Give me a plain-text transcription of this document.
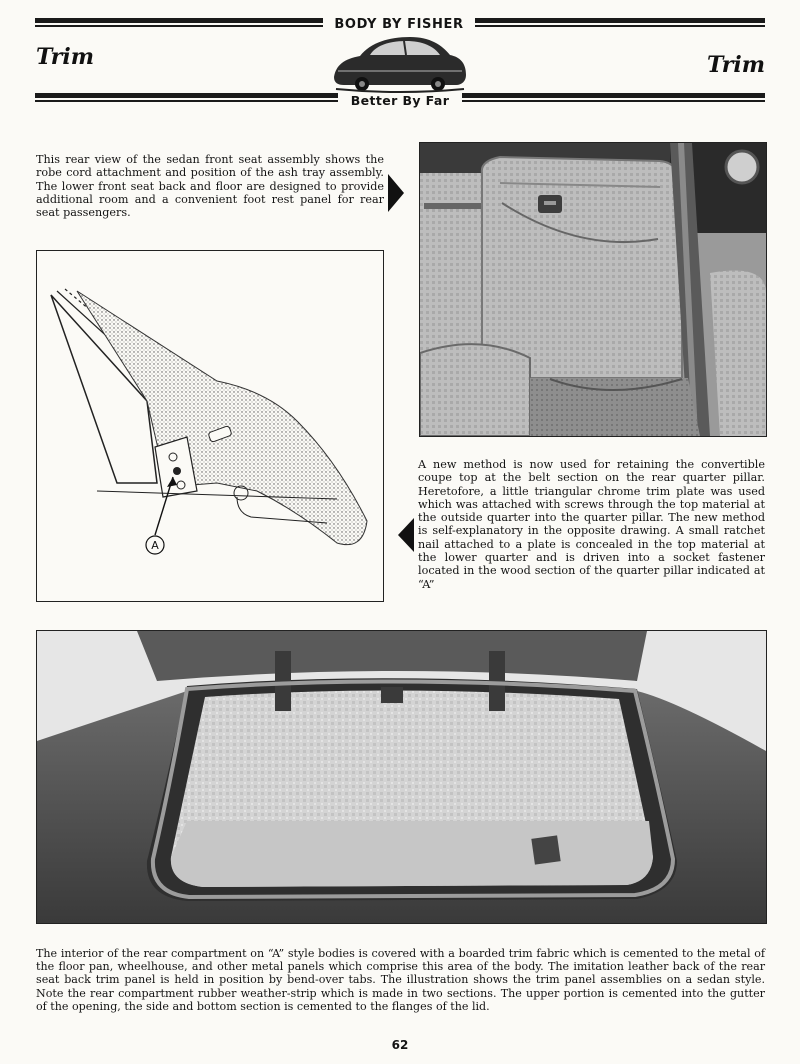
BODY BY FISHER
Trim	Trim
Better By Far
This rear view of the sedan front seat assembly shows the robe cord attachment and position of the ash tray assembly. The lower front seat back and floor are designed to provide additional room and a convenient foot rest panel for rear seat passengers.
A
A new method is now used for retaining the convertible coupe top at the belt section on the rear quarter pillar. Heretofore, a little triangular chrome trim plate was used which was attached with screws through the top material at the outside quarter into the quarter pillar. The new method is self-explanatory in the opposite drawing. A small ratchet nail attached to a plate is concealed in the top material at the lower quarter and is driven into a socket fastener located in the wood section of the quarter pillar indicated at “A”
The interior of the rear compartment on “A” style bodies is covered with a boarded trim fabric which is cemented to the metal of the floor pan, wheelhouse, and other metal panels which comprise this area of the body. The imitation leather back of the rear seat back trim panel is held in position by bend-over tabs. The illustration shows the trim panel assemblies on a sedan style. Note the rear compartment rubber weather-strip which is made in two sections. The upper portion is cemented into the gutter of the opening, the side and bottom section is cemented to the flanges of the lid.
62
